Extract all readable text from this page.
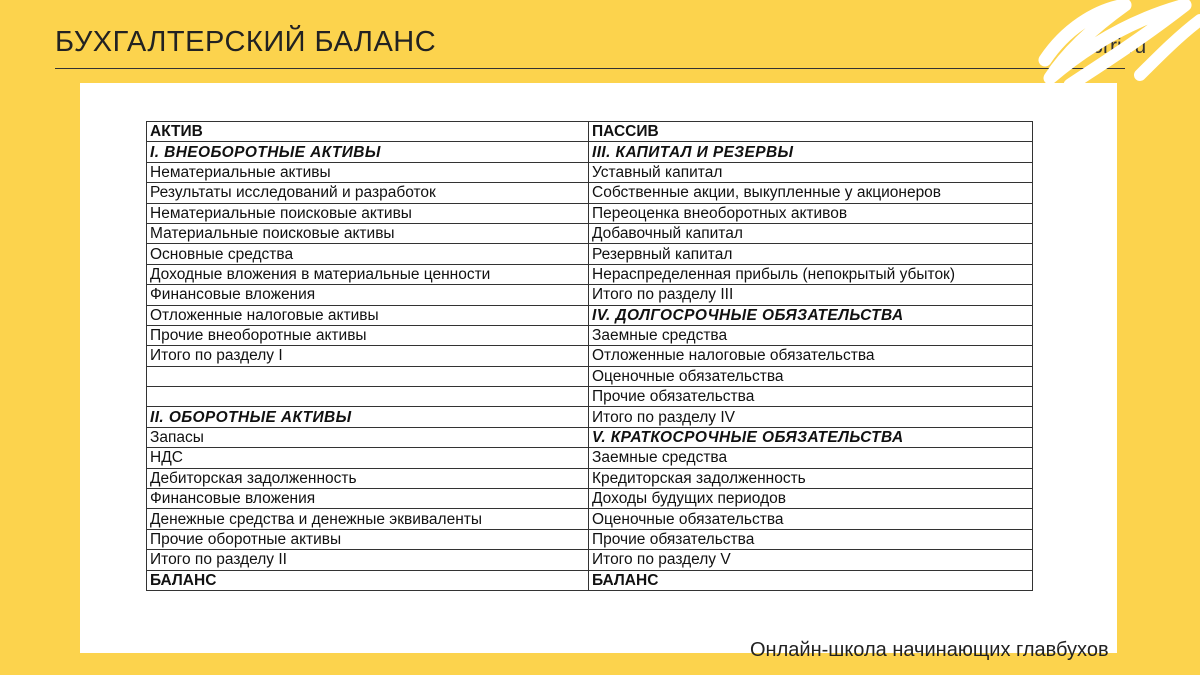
БУХГАЛТЕРСКИЙ БАЛАНС	librri.ru
АКТИВ	ПАССИВ
I. ВНЕОБОРОТНЫЕ АКТИВЫ	III. КАПИТАЛ И РЕЗЕРВЫ
Нематериальные активы	Уставный капитал
Результаты исследований и разработок	Собственные акции, выкупленные у акционеров
Нематериальные поисковые активы	Переоценка внеоборотных активов
Материальные поисковые активы	Добавочный капитал
Основные средства	Резервный капитал
Доходные вложения в материальные ценности	Нераспределенная прибыль (непокрытый убыток)
Финансовые вложения	Итого по разделу III
Отложенные налоговые активы	IV. ДОЛГОСРОЧНЫЕ ОБЯЗАТЕЛЬСТВА
Прочие внеоборотные активы	Заемные средства
Итого по разделу I	Отложенные налоговые обязательства
	Оценочные обязательства
	Прочие обязательства
II. ОБОРОТНЫЕ АКТИВЫ	Итого по разделу IV
Запасы	V. КРАТКОСРОЧНЫЕ ОБЯЗАТЕЛЬСТВА
НДС	Заемные средства
Дебиторская задолженность	Кредиторская задолженность
Финансовые вложения	Доходы будущих периодов
Денежные средства и денежные эквиваленты	Оценочные обязательства
Прочие оборотные активы	Прочие обязательства
Итого по разделу II	Итого по разделу V
БАЛАНС	БАЛАНС
Онлайн-школа начинающих главбухов
